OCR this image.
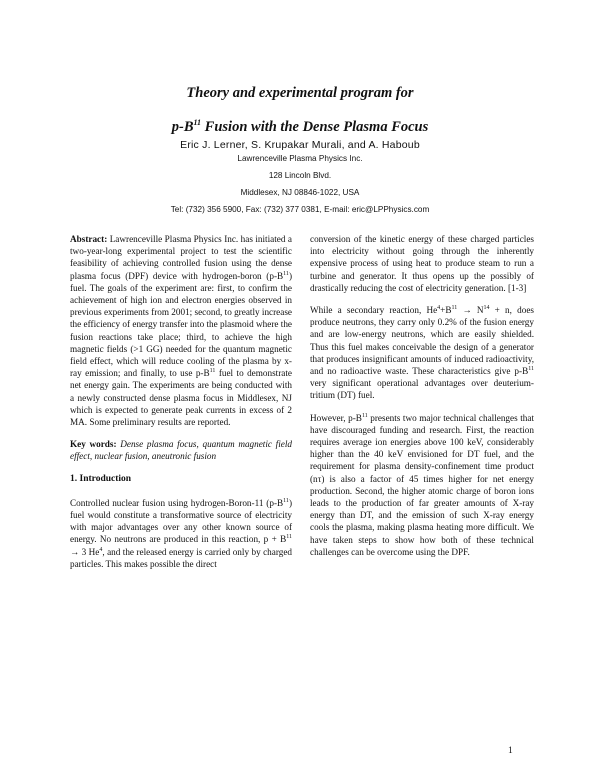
Theory and experimental program for
$p-B^{11}$ Fusion with the Dense Plasma Focus
Eric J. Lerner, S. Krupakar Murali, and A. Haboub
Lawrenceville Plasma Physics Inc.
128 Lincoln Blvd.
Middlesex, NJ 08846-1022, USA
Tel: (732) 356 5900, Fax: (732) 377 0381, E-mail: eric@LPPhysics.com

Abstract: Lawrenceville Plasma Physics Inc. has initiated a two-year-long experimental project to test the scientific feasibility of achieving controlled fusion using the dense plasma focus (DPF) device with hydrogen-boron $(p-B^{11})$ fuel. The goals of the experiment are: first, to confirm the achievement of high ion and electron energies observed in previous experiments from 2001; second, to greatly increase the efficiency of energy transfer into the plasmoid where the fusion reactions take place; third, to achieve the high magnetic fields (>1 GG) needed for the quantum magnetic field effect, which will reduce cooling of the plasma by x-ray emission; and finally, to use $p-B^{11}$ fuel to demonstrate net energy gain. The experiments are being conducted with a newly constructed dense plasma focus in Middlesex, NJ which is expected to generate peak currents in excess of 2 MA. Some preliminary results are reported.

Key words: Dense plasma focus, quantum magnetic field effect, nuclear fusion, aneutronic fusion

1. Introduction

Controlled nuclear fusion using hydrogen-Boron-11 $(p-B^{11})$ fuel would constitute a transformative source of electricity with major advantages over any other known source of energy. No neutrons are produced in this reaction, $p + B^{11} \to 3$ He$^4$, and the released energy is carried only by charged particles. This makes possible the direct

conversion of the kinetic energy of these charged particles into electricity without going through the inherently expensive process of using heat to produce steam to run a turbine and generator. It thus opens up the possibly of drastically reducing the cost of electricity generation. [1-3]

While a secondary reaction, $He^4+B^{11} \to N^{14} + n$, does produce neutrons, they carry only 0.2% of the fusion energy and are low-energy neutrons, which are easily shielded. Thus this fuel makes conceivable the design of a generator that produces insignificant amounts of induced radioactivity, and no radioactive waste. These characteristics give $p-B^{11}$ very significant operational advantages over deuterium-tritium (DT) fuel.

However, $p-B^{11}$ presents two major technical challenges that have discouraged funding and research. First, the reaction requires average ion energies above 100 keV, considerably higher than the 40 keV envisioned for DT fuel, and the requirement for plasma density-confinement time product (nτ) is also a factor of 45 times higher for net energy production. Second, the higher atomic charge of boron ions leads to the production of far greater amounts of X-ray energy than DT, and the emission of such X-ray energy cools the plasma, making plasma heating more difficult. We have taken steps to show how both of these technical challenges can be overcome using the DPF.

1
